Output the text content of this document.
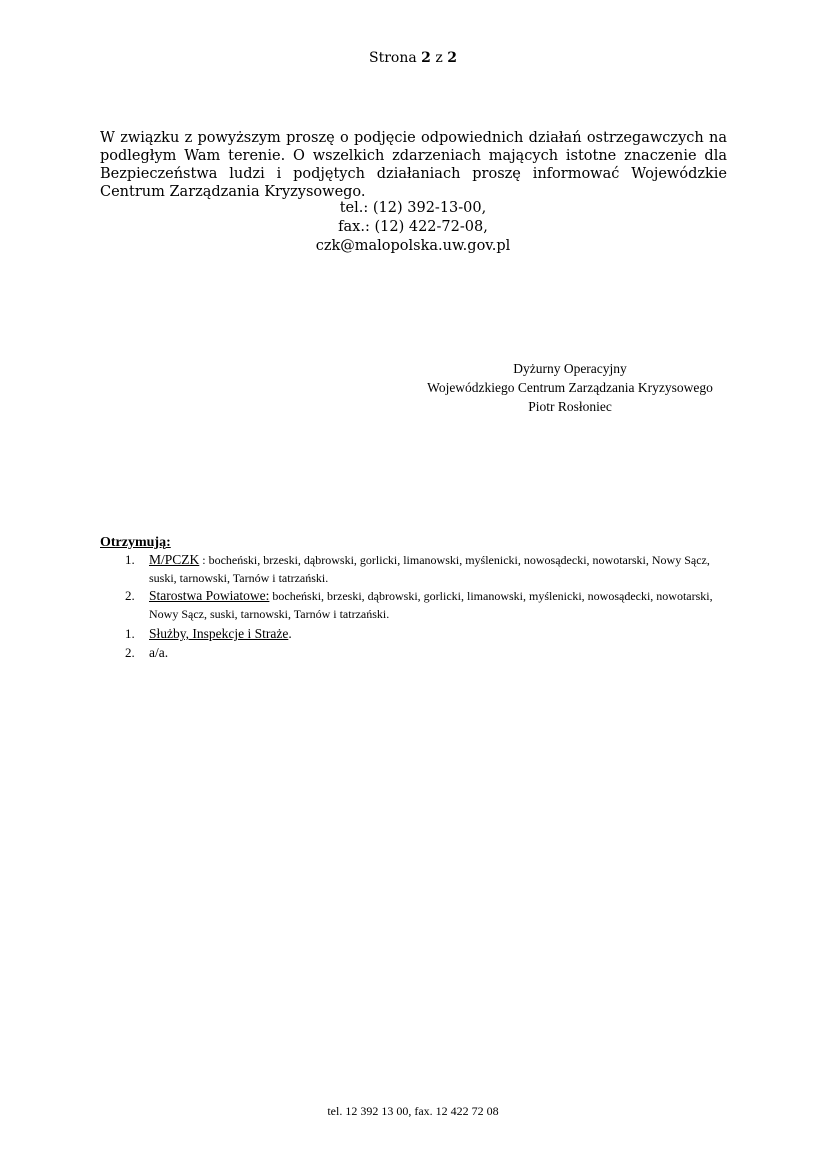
Strona 2 z 2
W związku z powyższym proszę o podjęcie odpowiednich działań ostrzegawczych na podległym Wam terenie. O wszelkich zdarzeniach mających istotne znaczenie dla Bezpieczeństwa ludzi i podjętych działaniach proszę informować Wojewódzkie Centrum Zarządzania Kryzysowego.
tel.: (12) 392-13-00,
fax.: (12) 422-72-08,
czk@malopolska.uw.gov.pl
Dyżurny Operacyjny
Wojewódzkiego Centrum Zarządzania Kryzysowego
Piotr Rosłoniec
Otrzymują:
1. M/PCZK : bocheński, brzeski, dąbrowski, gorlicki, limanowski, myślenicki, nowosądecki, nowotarski, Nowy Sącz, suski, tarnowski, Tarnów i tatrzański.
2. Starostwa Powiatowe: bocheński, brzeski, dąbrowski, gorlicki, limanowski, myślenicki, nowosądecki, nowotarski, Nowy Sącz, suski, tarnowski, Tarnów i tatrzański.
1. Służby, Inspekcje i Straże.
2. a/a.
tel. 12 392 13 00, fax. 12 422 72 08
